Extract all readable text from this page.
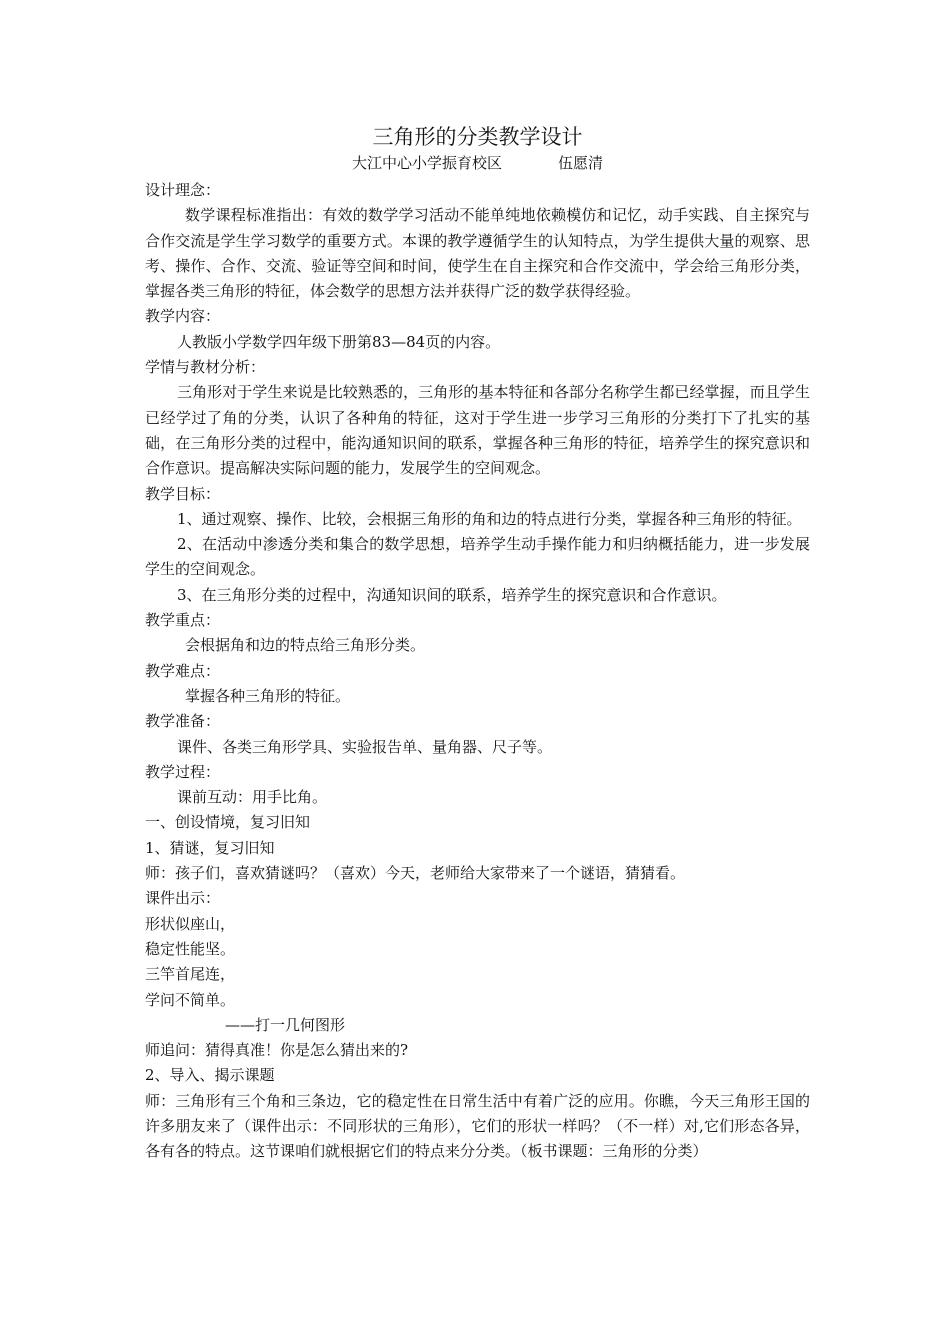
三角形的分类教学设计
大江中心小学振育校区	伍愿清

设计理念：

数学课程标准指出：有效的数学学习活动不能单纯地依赖模仿和记忆，动手实践、自主探究与合作交流是学生学习数学的重要方式。本课的教学遵循学生的认知特点，为学生提供大量的观察、思考、操作、合作、交流、验证等空间和时间，使学生在自主探究和合作交流中，学会给三角形分类，掌握各类三角形的特征，体会数学的思想方法并获得广泛的数学获得经验。

教学内容：

人教版小学数学四年级下册第83—84页的内容。

学情与教材分析：

三角形对于学生来说是比较熟悉的，三角形的基本特征和各部分名称学生都已经掌握，而且学生已经学过了角的分类，认识了各种角的特征，这对于学生进一步学习三角形的分类打下了扎实的基础，在三角形分类的过程中，能沟通知识间的联系，掌握各种三角形的特征，培养学生的探究意识和合作意识。提高解决实际问题的能力，发展学生的空间观念。

教学目标：

1、通过观察、操作、比较，会根据三角形的角和边的特点进行分类，掌握各种三角形的特征。

2、在活动中渗透分类和集合的数学思想，培养学生动手操作能力和归纳概括能力，进一步发展学生的空间观念。

3、在三角形分类的过程中，沟通知识间的联系，培养学生的探究意识和合作意识。

教学重点：

会根据角和边的特点给三角形分类。

教学难点：

掌握各种三角形的特征。

教学准备：

课件、各类三角形学具、实验报告单、量角器、尺子等。

教学过程：

课前互动：用手比角。

一、创设情境，复习旧知

1、猜谜，复习旧知

师：孩子们，喜欢猜谜吗？（喜欢）今天，老师给大家带来了一个谜语，猜猜看。

课件出示：

形状似座山，

稳定性能坚。

三竿首尾连，

学问不简单。

——打一几何图形

师追问：猜得真准！你是怎么猜出来的?

2、导入、揭示课题

师：三角形有三个角和三条边，它的稳定性在日常生活中有着广泛的应用。你瞧，今天三角形王国的许多朋友来了（课件出示：不同形状的三角形），它们的形状一样吗？（不一样）对,它们形态各异，各有各的特点。这节课咱们就根据它们的特点来分分类。（板书课题：三角形的分类）
